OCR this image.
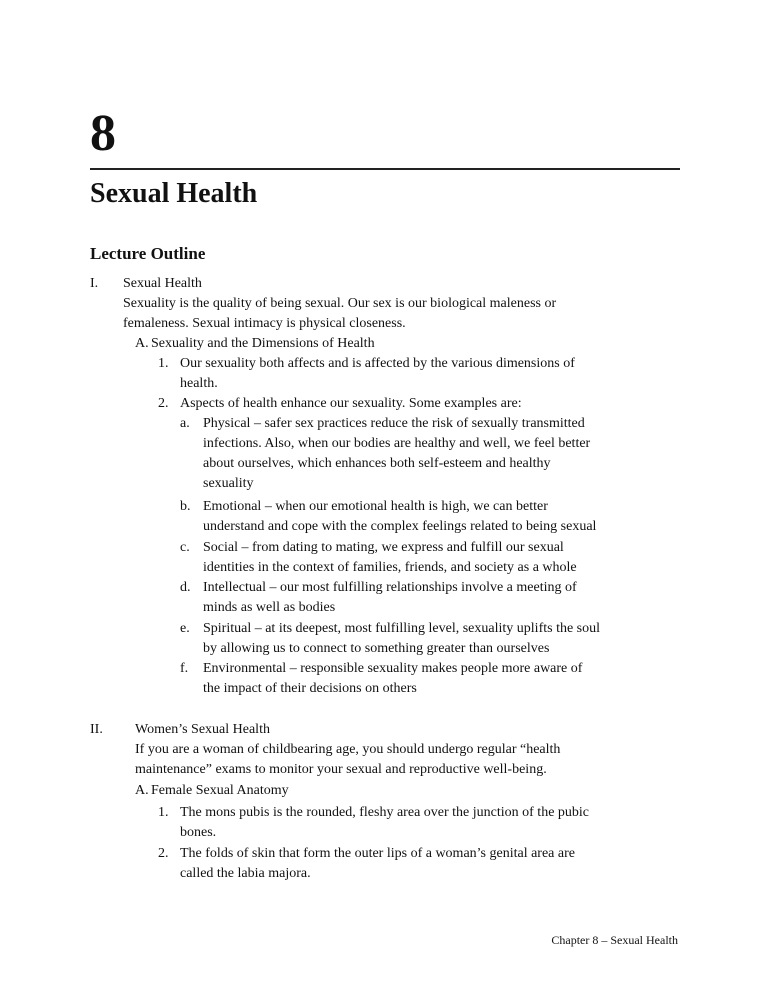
8
Sexual Health
Lecture Outline
I. Sexual Health
Sexuality is the quality of being sexual. Our sex is our biological maleness or
femaleness. Sexual intimacy is physical closeness.
A. Sexuality and the Dimensions of Health
1. Our sexuality both affects and is affected by the various dimensions of
health.
2. Aspects of health enhance our sexuality. Some examples are:
a. Physical – safer sex practices reduce the risk of sexually transmitted
infections. Also, when our bodies are healthy and well, we feel better
about ourselves, which enhances both self-esteem and healthy
sexuality
b. Emotional – when our emotional health is high, we can better
understand and cope with the complex feelings related to being sexual
c. Social – from dating to mating, we express and fulfill our sexual
identities in the context of families, friends, and society as a whole
d. Intellectual – our most fulfilling relationships involve a meeting of
minds as well as bodies
e. Spiritual – at its deepest, most fulfilling level, sexuality uplifts the soul
by allowing us to connect to something greater than ourselves
f. Environmental – responsible sexuality makes people more aware of
the impact of their decisions on others
II. Women’s Sexual Health
If you are a woman of childbearing age, you should undergo regular “health
maintenance” exams to monitor your sexual and reproductive well-being.
A. Female Sexual Anatomy
1. The mons pubis is the rounded, fleshy area over the junction of the pubic
bones.
2. The folds of skin that form the outer lips of a woman’s genital area are
called the labia majora.
Chapter 8 – Sexual Health
